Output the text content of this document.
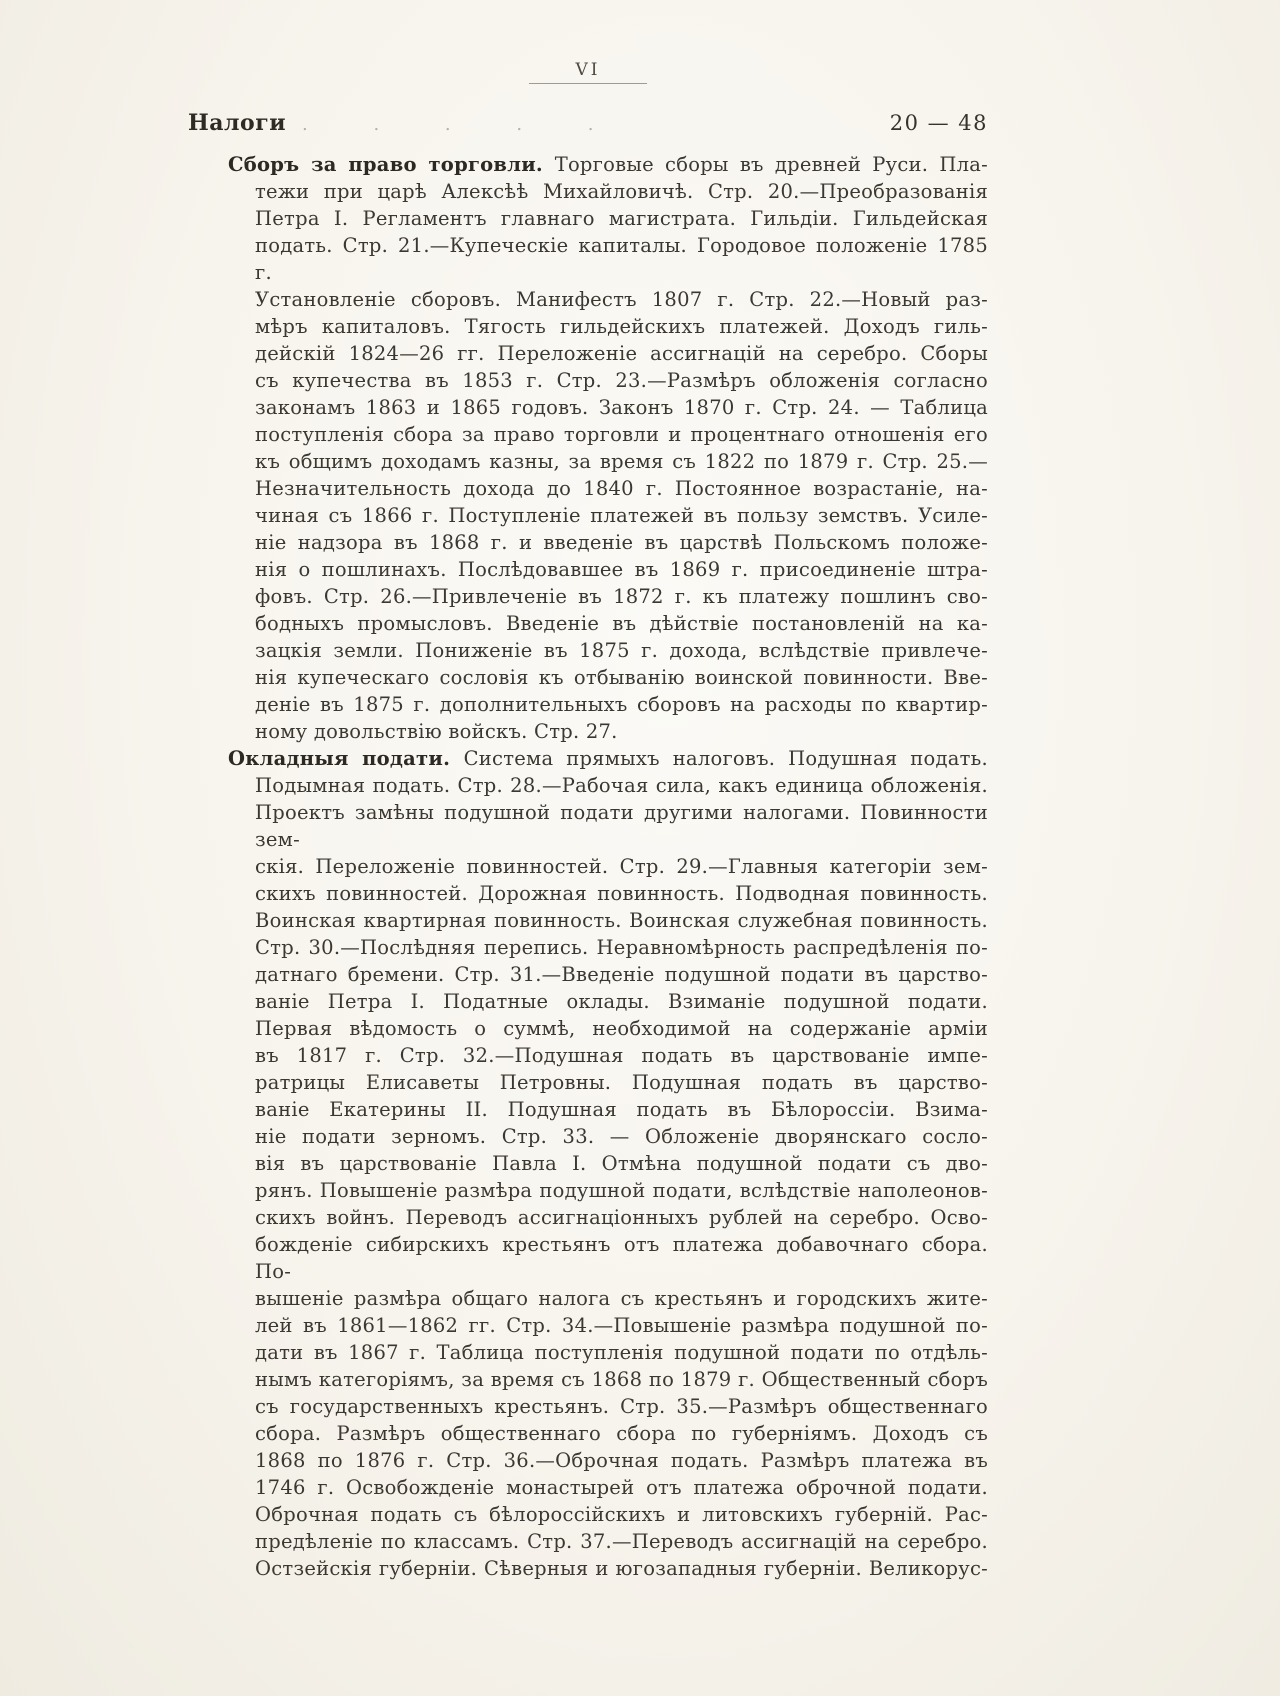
VI
Налоги . . . . .	20 — 48
Сборъ за право торговли. Торговые сборы въ древней Руси. Пла-
тежи при царѣ Алексѣѣ Михайловичѣ. Стр. 20.—Преобразованія
Петра I. Регламентъ главнаго магистрата. Гильдіи. Гильдейская
подать. Стр. 21.—Купеческіе капиталы. Городовое положеніе 1785 г.
Установленіе сборовъ. Манифестъ 1807 г. Стр. 22.—Новый раз-
мѣръ капиталовъ. Тягость гильдейскихъ платежей. Доходъ гиль-
дейскій 1824—26 гг. Переложеніе ассигнацій на серебро. Сборы
съ купечества въ 1853 г. Стр. 23.—Размѣръ обложенія согласно
законамъ 1863 и 1865 годовъ. Законъ 1870 г. Стр. 24. — Таблица
поступленія сбора за право торговли и процентнаго отношенія его
къ общимъ доходамъ казны, за время съ 1822 по 1879 г. Стр. 25.—
Незначительность дохода до 1840 г. Постоянное возрастаніе, на-
чиная съ 1866 г. Поступленіе платежей въ пользу земствъ. Усиле-
ніе надзора въ 1868 г. и введеніе въ царствѣ Польскомъ положе-
нія о пошлинахъ. Послѣдовавшее въ 1869 г. присоединеніе штра-
фовъ. Стр. 26.—Привлеченіе въ 1872 г. къ платежу пошлинъ сво-
бодныхъ промысловъ. Введеніе въ дѣйствіе постановленій на ка-
зацкія земли. Пониженіе въ 1875 г. дохода, вслѣдствіе привлече-
нія купеческаго сословія къ отбыванію воинской повинности. Вве-
деніе въ 1875 г. дополнительныхъ сборовъ на расходы по квартир-
ному довольствію войскъ. Стр. 27.
Окладныя подати. Система прямыхъ налоговъ. Подушная подать.
Подымная подать. Стр. 28.—Рабочая сила, какъ единица обложенія.
Проектъ замѣны подушной подати другими налогами. Повинности зем-
скія. Переложеніе повинностей. Стр. 29.—Главныя категоріи зем-
скихъ повинностей. Дорожная повинность. Подводная повинность.
Воинская квартирная повинность. Воинская служебная повинность.
Стр. 30.—Послѣдняя перепись. Неравномѣрность распредѣленія по-
датнаго бремени. Стр. 31.—Введеніе подушной подати въ царство-
ваніе Петра I. Податные оклады. Взиманіе подушной подати.
Первая вѣдомость о суммѣ, необходимой на содержаніе арміи
въ 1817 г. Стр. 32.—Подушная подать въ царствованіе импе-
ратрицы Елисаветы Петровны. Подушная подать въ царство-
ваніе Екатерины II. Подушная подать въ Бѣлороссіи. Взима-
ніе подати зерномъ. Стр. 33. — Обложеніе дворянскаго сосло-
вія въ царствованіе Павла I. Отмѣна подушной подати съ дво-
рянъ. Повышеніе размѣра подушной подати, вслѣдствіе наполеонов-
скихъ войнъ. Переводъ ассигнаціонныхъ рублей на серебро. Осво-
божденіе сибирскихъ крестьянъ отъ платежа добавочнаго сбора. По-
вышеніе размѣра общаго налога съ крестьянъ и городскихъ жите-
лей въ 1861—1862 гг. Стр. 34.—Повышеніе размѣра подушной по-
дати въ 1867 г. Таблица поступленія подушной подати по отдѣль-
нымъ категоріямъ, за время съ 1868 по 1879 г. Общественный сборъ
съ государственныхъ крестьянъ. Стр. 35.—Размѣръ общественнаго
сбора. Размѣръ общественнаго сбора по губерніямъ. Доходъ съ
1868 по 1876 г. Стр. 36.—Оброчная подать. Размѣръ платежа въ
1746 г. Освобожденіе монастырей отъ платежа оброчной подати.
Оброчная подать съ бѣлороссійскихъ и литовскихъ губерній. Рас-
предѣленіе по классамъ. Стр. 37.—Переводъ ассигнацій на серебро.
Остзейскія губерніи. Сѣверныя и югозападныя губерніи. Великорус-
